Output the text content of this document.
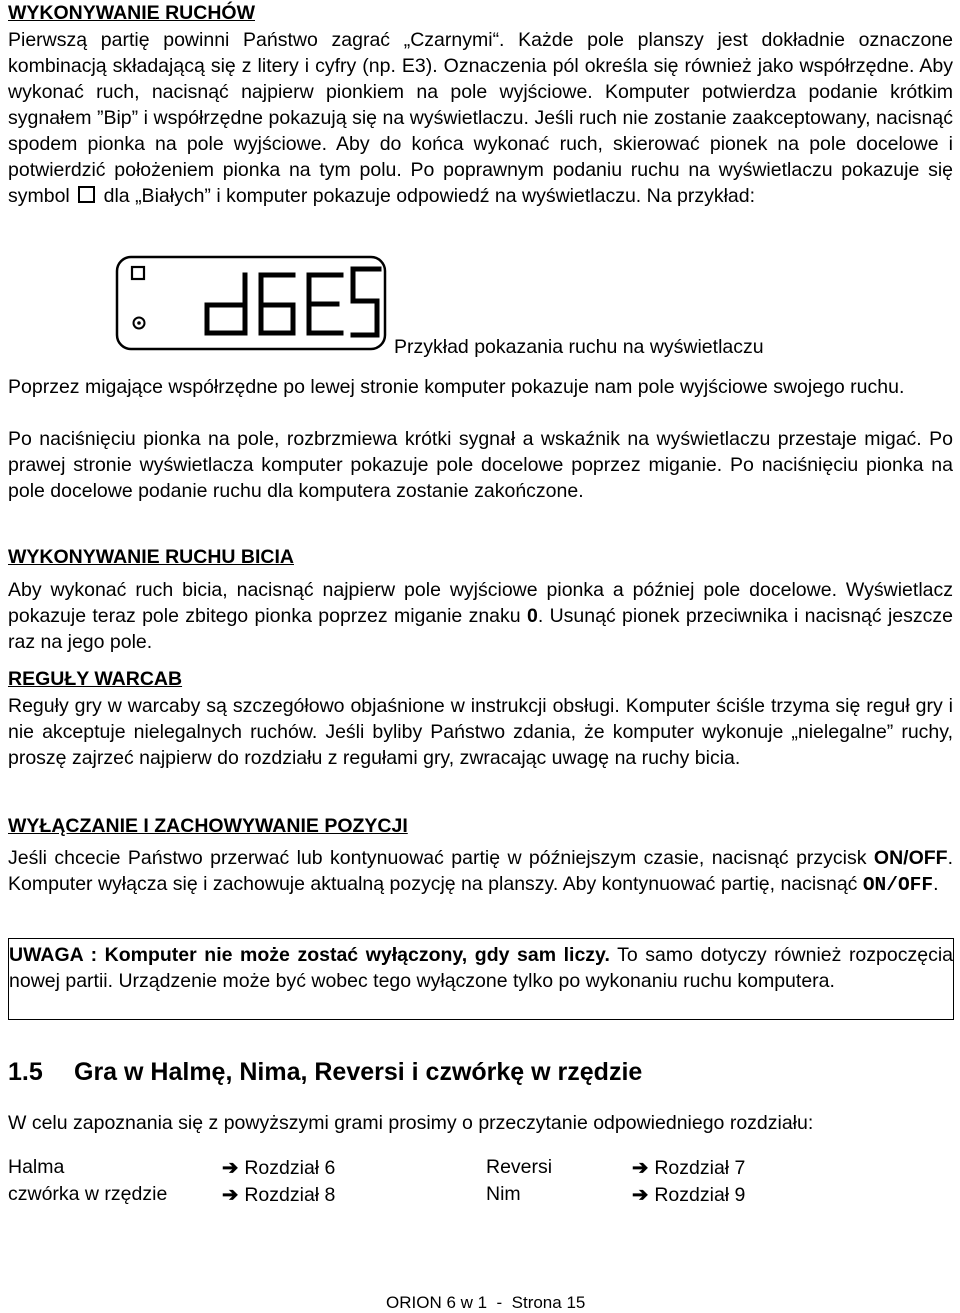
WYKONYWANIE RUCHÓW
Pierwszą partię powinni Państwo zagrać „Czarnymi“. Każde pole planszy jest dokładnie oznaczone kombinacją składającą się z litery i cyfry (np. E3). Oznaczenia pól określa się również jako współrzędne. Aby wykonać ruch, nacisnąć najpierw pionkiem na pole wyjściowe. Komputer potwierdza podanie krótkim sygnałem ”Bip” i współrzędne pokazują się na wyświetlaczu. Jeśli ruch nie zostanie zaakceptowany, nacisnąć spodem pionka na pole wyjściowe. Aby do końca wykonać ruch, skierować pionek na pole docelowe i potwierdzić położeniem pionka na tym polu. Po poprawnym podaniu ruchu na wyświetlaczu pokazuje się symbol dla „Białych” i komputer pokazuje odpowiedź na wyświetlaczu. Na przykład:
Przykład pokazania ruchu na wyświetlaczu
Poprzez migające współrzędne po lewej stronie komputer pokazuje nam pole wyjściowe swojego ruchu.
Po naciśnięciu pionka na pole, rozbrzmiewa krótki sygnał a wskaźnik na wyświetlaczu przestaje migać. Po prawej stronie wyświetlacza komputer pokazuje pole docelowe poprzez miganie. Po naciśnięciu pionka na pole docelowe podanie ruchu dla komputera zostanie zakończone.
WYKONYWANIE RUCHU BICIA
Aby wykonać ruch bicia, nacisnąć najpierw pole wyjściowe pionka a później pole docelowe. Wyświetlacz pokazuje teraz pole zbitego pionka poprzez miganie znaku 0. Usunąć pionek przeciwnika i nacisnąć jeszcze raz na jego pole.
REGUŁY WARCAB
Reguły gry w warcaby są szczegółowo objaśnione w instrukcji obsługi. Komputer ściśle trzyma się reguł gry i nie akceptuje nielegalnych ruchów. Jeśli byliby Państwo zdania, że komputer wykonuje „nielegalne” ruchy, proszę zajrzeć najpierw do rozdziału z regułami gry, zwracając uwagę na ruchy bicia.
WYŁĄCZANIE I ZACHOWYWANIE POZYCJI
Jeśli chcecie Państwo przerwać lub kontynuować partię w późniejszym czasie, nacisnąć przycisk ON/OFF. Komputer wyłącza się i zachowuje aktualną pozycję na planszy. Aby kontynuować partię, nacisnąć ON/OFF.
UWAGA : Komputer nie może zostać wyłączony, gdy sam liczy. To samo dotyczy również rozpoczęcia nowej partii. Urządzenie może być wobec tego wyłączone tylko po wykonaniu ruchu komputera.
1.5 Gra w Halmę, Nima, Reversi i czwórkę w rzędzie
W celu zapoznania się z powyższymi grami prosimy o przeczytanie odpowiedniego rozdziału:
Halma	➔ Rozdział 6	Reversi	➔ Rozdział 7
czwórka w rzędzie	➔ Rozdział 8	Nim	➔ Rozdział 9
ORION 6 w 1  -  Strona 15
